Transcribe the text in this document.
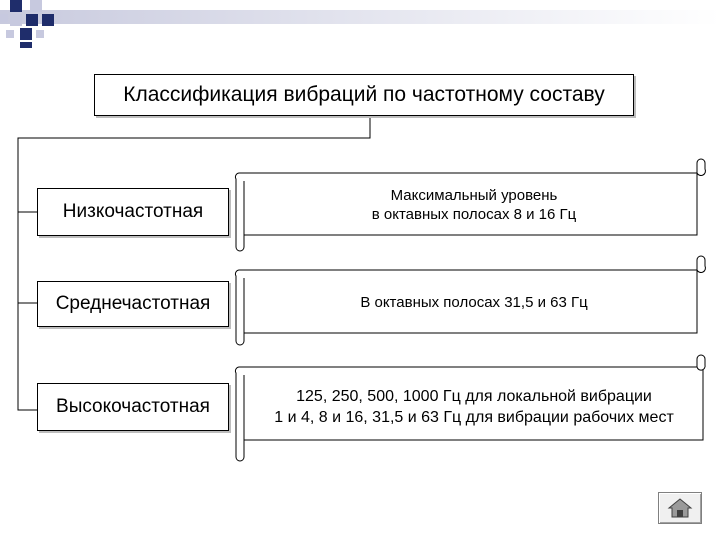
Классификация вибраций по частотному составу
Низкочастотная
Среднечастотная
Высокочастотная
Максимальный уровень
в октавных полосах 8 и 16 Гц
В октавных полосах 31,5 и 63 Гц
125, 250, 500, 1000 Гц для локальной вибрации
1 и 4, 8 и 16, 31,5 и 63 Гц для вибрации рабочих мест
